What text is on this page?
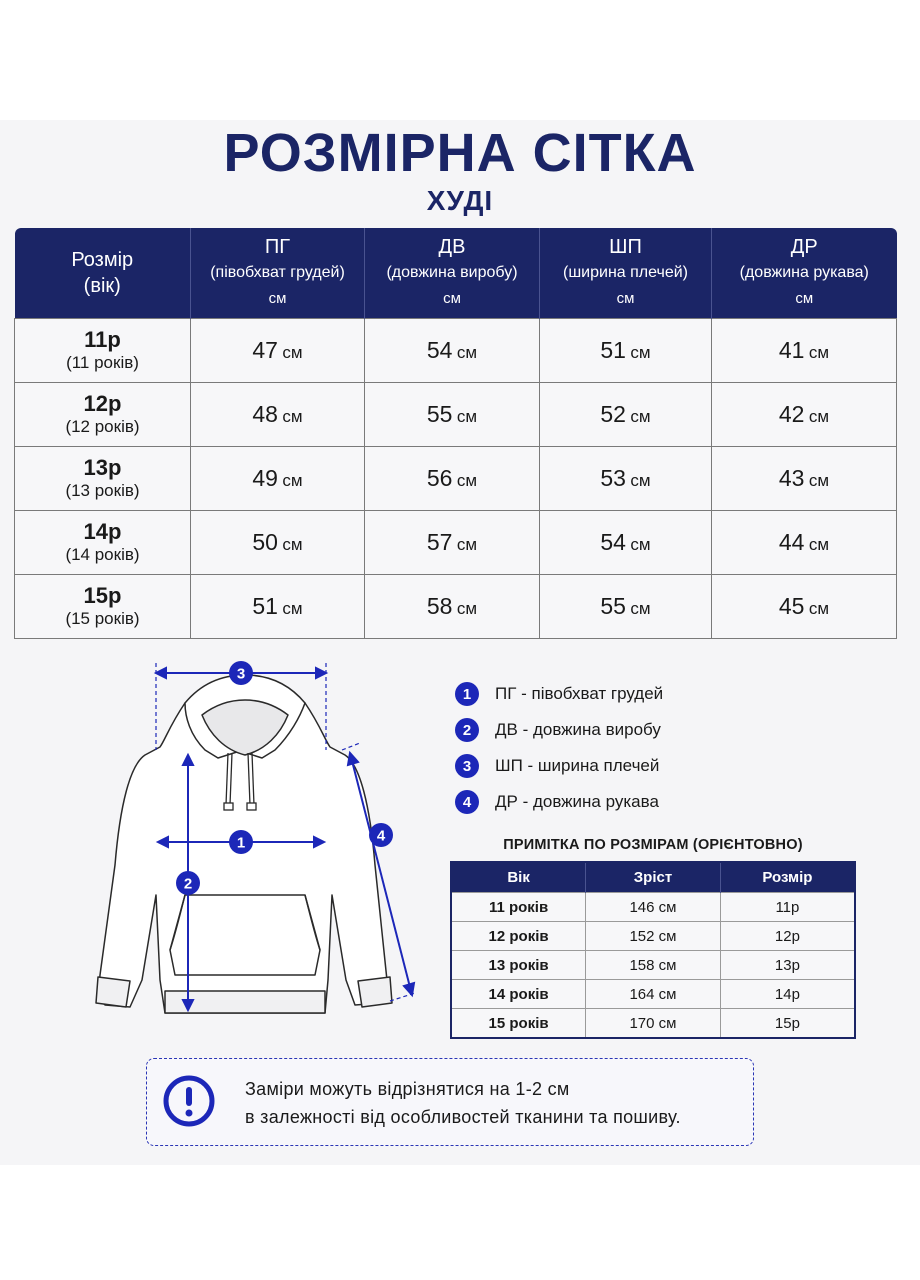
РОЗМІРНА СІТКА
ХУДІ
Розмір
(вік)	ПГ
(півобхват грудей)
см	ДВ
(довжина виробу)
см	ШП
(ширина плечей)
см	ДР
(довжина рукава)
см

11р
(11 років)	47 см	54 см	51 см	41 см

12р
(12 років)	48 см	55 см	52 см	42 см

13р
(13 років)	49 см	56 см	53 см	43 см

14р
(14 років)	50 см	57 см	54 см	44 см

15р
(15 років)	51 см	58 см	55 см	45 см
3
1
2
4
1	ПГ - півобхват грудей
2	ДВ - довжина виробу
3	ШП - ширина плечей
4	ДР - довжина рукава
ПРИМІТКА ПО РОЗМІРАМ (ОРІЄНТОВНО)
Вік	Зріст	Розмір
11 років	146 см	11р
12 років	152 см	12р
13 років	158 см	13р
14 років	164 см	14р
15 років	170 см	15р
Заміри можуть відрізнятися на 1-2 см
в залежності від особливостей тканини та пошиву.
